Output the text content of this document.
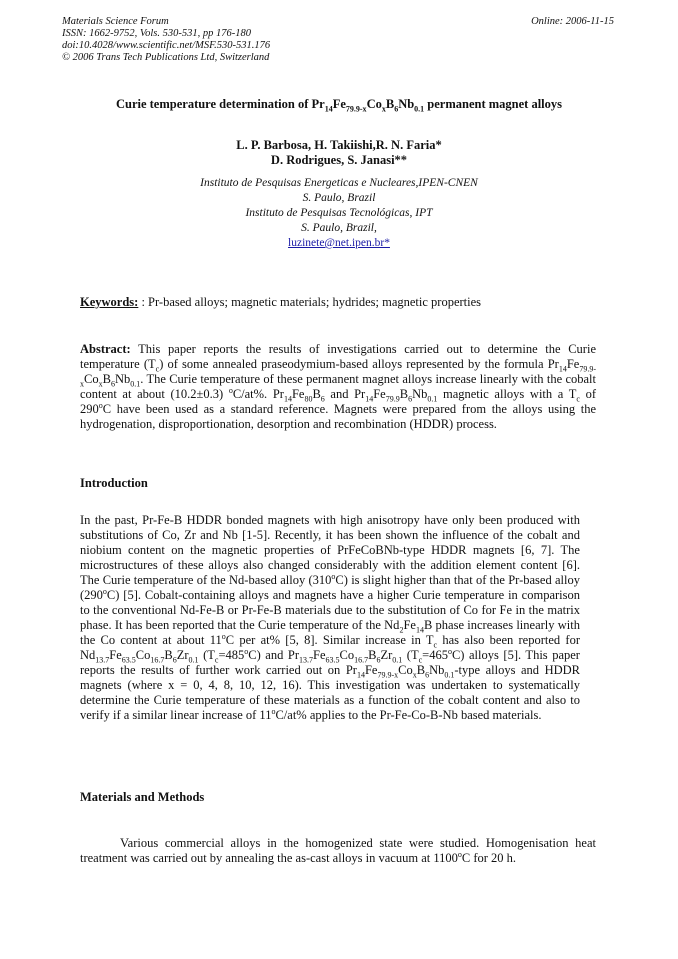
Materials Science Forum
ISSN: 1662-9752, Vols. 530-531, pp 176-180
doi:10.4028/www.scientific.net/MSF.530-531.176
© 2006 Trans Tech Publications Ltd, Switzerland
Online: 2006-11-15
Curie temperature determination of $Pr_{14}Fe_{79.9-x}Co_xB_6Nb_{0.1}$ permanent magnet alloys
L. P. Barbosa, H. Takiishi,R. N. Faria*
D. Rodrigues, S. Janasi**
Instituto de Pesquisas Energeticas e Nucleares,IPEN-CNEN
S. Paulo, Brazil
Instituto de Pesquisas Tecnológicas, IPT
S. Paulo, Brazil,
luzinete@net.ipen.br*
Keywords: : Pr-based alloys; magnetic materials; hydrides; magnetic properties

Abstract: This paper reports the results of investigations carried out to determine the Curie temperature $(T_c)$ of some annealed praseodymium-based alloys represented by the formula $Pr_{14}Fe_{79.9-x}Co_xB_6Nb_{0.1}$. The Curie temperature of these permanent magnet alloys increase linearly with the cobalt content at about (10.2±0.3) $^o$C/at%. $Pr_{14}Fe_{80}B_6$ and $Pr_{14}Fe_{79.9}B_6Nb_{0.1}$ magnetic alloys with a $T_c$ of 290$^o$C have been used as a standard reference. Magnets were prepared from the alloys using the hydrogenation, disproportionation, desorption and recombination (HDDR) process.

Introduction

In the past, Pr-Fe-B HDDR bonded magnets with high anisotropy have only been produced with substitutions of Co, Zr and Nb [1-5]. Recently, it has been shown the influence of the cobalt and niobium content on the magnetic properties of PrFeCoBNb-type HDDR magnets [6, 7]. The microstructures of these alloys also changed considerably with the addition element content [6]. The Curie temperature of the Nd-based alloy (310$^o$C) is slight higher than that of the Pr-based alloy (290$^o$C) [5]. Cobalt-containing alloys and magnets have a higher Curie temperature in comparison to the conventional Nd-Fe-B or Pr-Fe-B materials due to the substitution of Co for Fe in the matrix phase. It has been reported that the Curie temperature of the $Nd_2Fe_{14}B$ phase increases linearly with the Co content at about 11$^o$C per at% [5, 8]. Similar increase in $T_c$ has also been reported for $Nd_{13.7}Fe_{63.5}Co_{16.7}B_6Zr_{0.1}$ $(T_c=485^oC)$ and $Pr_{13.7}Fe_{63.5}Co_{16.7}B_6Zr_{0.1}$ $(T_c=465^oC)$ alloys [5]. This paper reports the results of further work carried out on $Pr_{14}Fe_{79.9-x}Co_xB_6Nb_{0.1}$-type alloys and HDDR magnets (where x = 0, 4, 8, 10, 12, 16). This investigation was undertaken to systematically determine the Curie temperature of these materials as a function of the cobalt content and also to verify if a similar linear increase of 11$^o$C/at% applies to the Pr-Fe-Co-B-Nb based materials.

Materials and Methods

Various commercial alloys in the homogenized state were studied. Homogenisation heat treatment was carried out by annealing the as-cast alloys in vacuum at 1100$^o$C for 20 h.
